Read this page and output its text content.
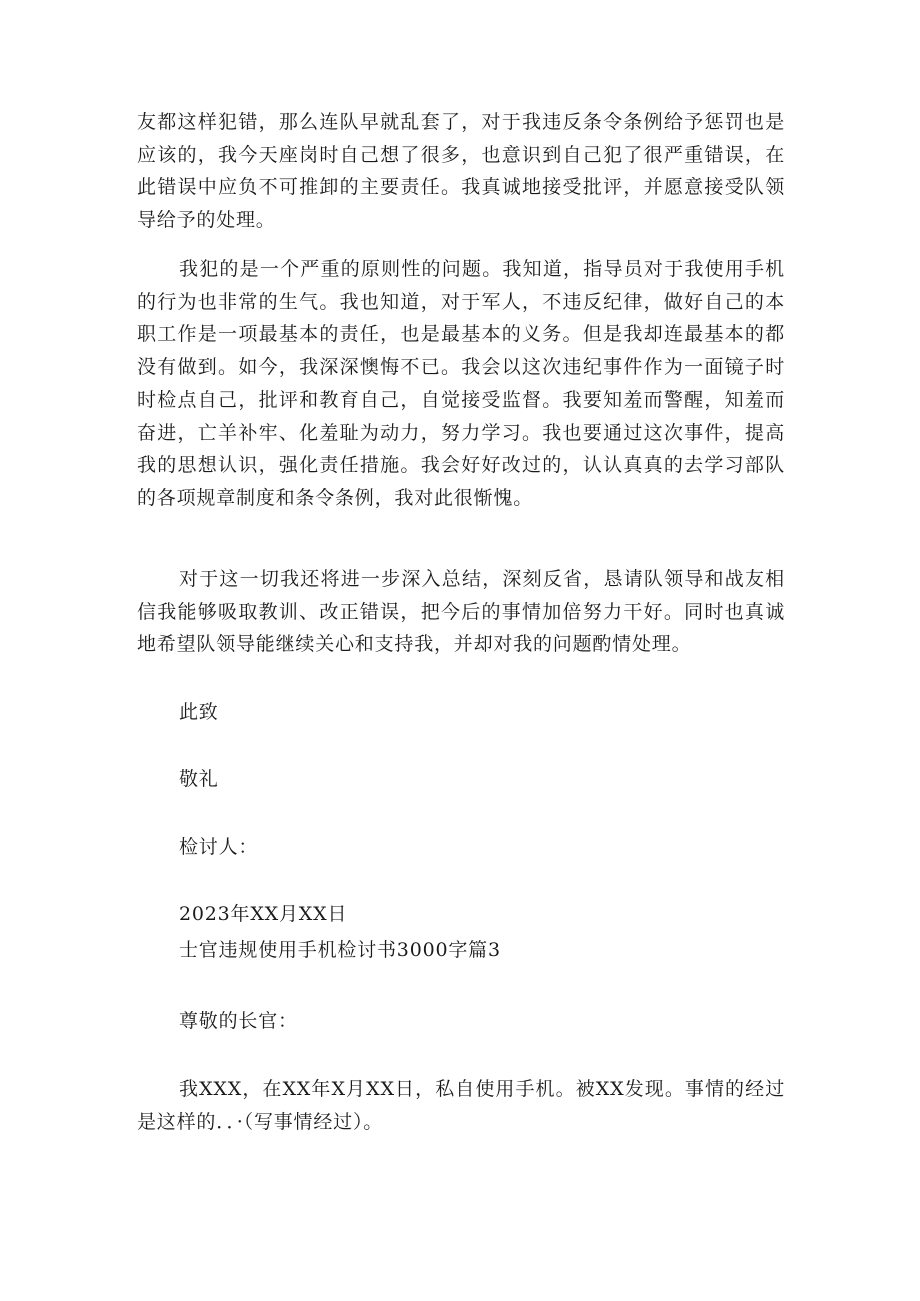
友都这样犯错，那么连队早就乱套了，对于我违反条令条例给予惩罚也是应该的，我今天座岗时自己想了很多，也意识到自己犯了很严重错误，在此错误中应负不可推卸的主要责任。我真诚地接受批评，并愿意接受队领导给予的处理。

我犯的是一个严重的原则性的问题。我知道，指导员对于我使用手机的行为也非常的生气。我也知道，对于军人，不违反纪律，做好自己的本职工作是一项最基本的责任，也是最基本的义务。但是我却连最基本的都没有做到。如今，我深深懊悔不已。我会以这次违纪事件作为一面镜子时时检点自己，批评和教育自己，自觉接受监督。我要知羞而警醒，知羞而奋进，亡羊补牢、化羞耻为动力，努力学习。我也要通过这次事件，提高我的思想认识，强化责任措施。我会好好改过的，认认真真的去学习部队的各项规章制度和条令条例，我对此很惭愧。

对于这一切我还将进一步深入总结，深刻反省，恳请队领导和战友相信我能够吸取教训、改正错误，把今后的事情加倍努力干好。同时也真诚地希望队领导能继续关心和支持我，并却对我的问题酌情处理。

此致

敬礼

检讨人：

2023年XX月XX日

士官违规使用手机检讨书3000字篇3

尊敬的长官：

我XXX，在XX年X月XX日，私自使用手机。被XX发现。事情的经过是这样的．．·（写事情经过）。
